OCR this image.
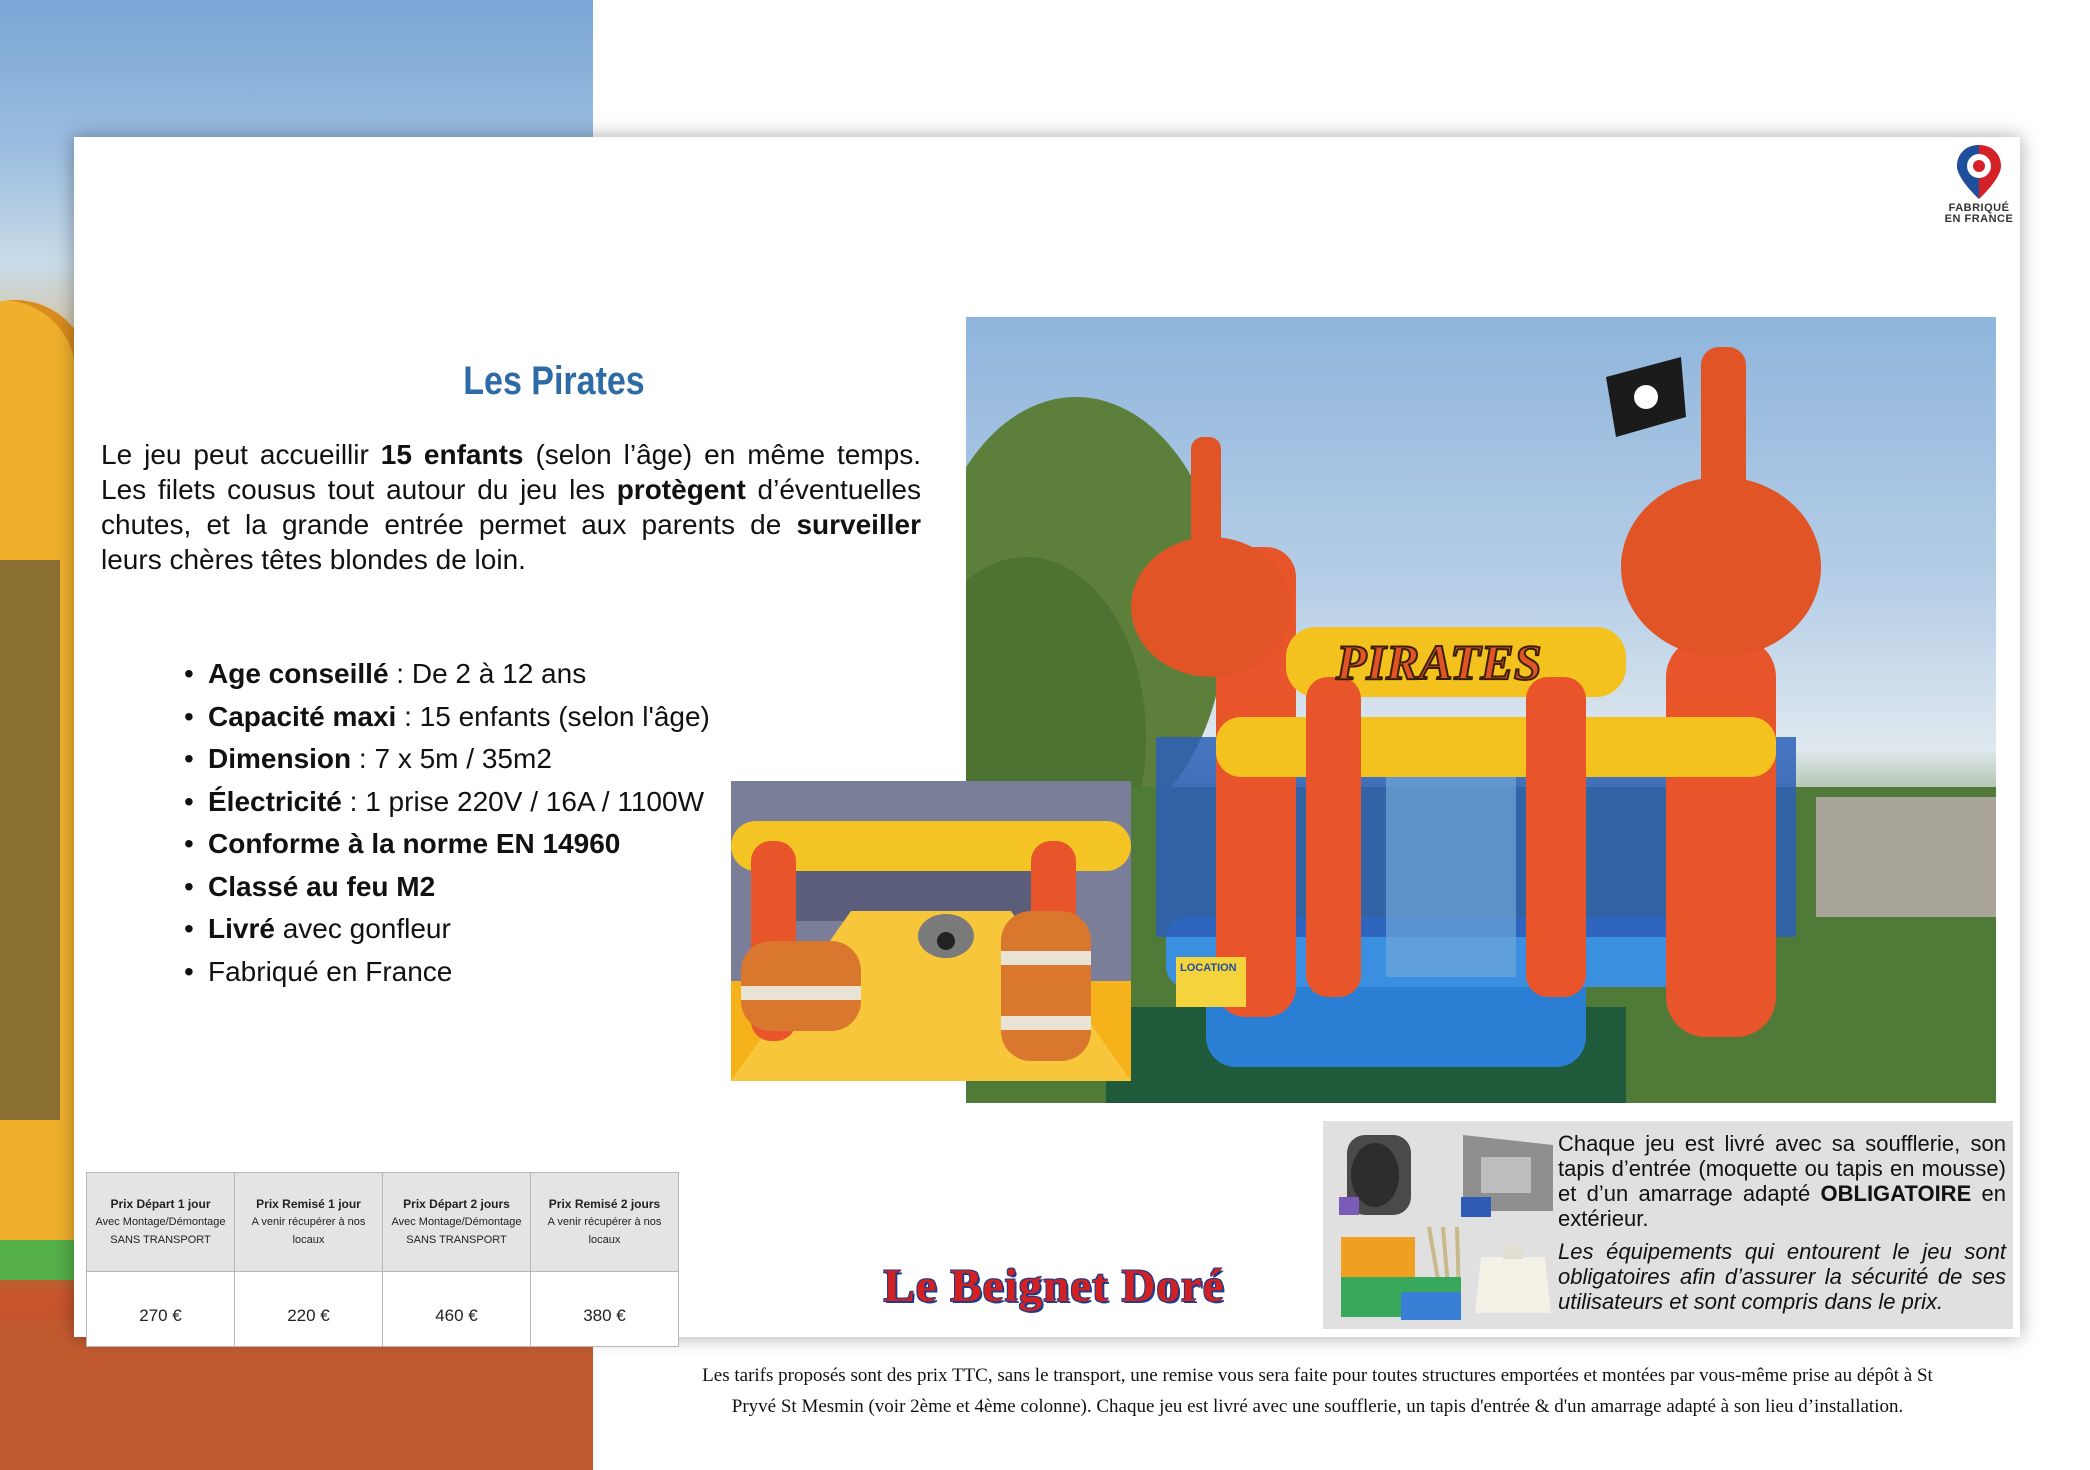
FABRIQUÉ
EN FRANCE
Les Pirates
Le jeu peut accueillir 15 enfants (selon l’âge) en même temps. Les filets cousus tout autour du jeu les protègent d’éventuelles chutes, et la grande entrée permet aux parents de surveiller leurs chères têtes blondes de loin.
• Age conseillé : De 2 à 12 ans
• Capacité maxi : 15 enfants (selon l'âge)
• Dimension : 7 x 5m / 35m2
• Électricité : 1 prise 220V / 16A / 1100W
• Conforme à la norme EN 14960
• Classé au feu M2
• Livré avec gonfleur
• Fabriqué en France
PIRATES
LOCATION
Prix Départ 1 jour
Avec Montage/Démontage
SANS TRANSPORT	Prix Remisé 1 jour
A venir récupérer à nos locaux	Prix Départ 2 jours
Avec Montage/Démontage
SANS TRANSPORT	Prix Remisé 2 jours
A venir récupérer à nos locaux

270 €	220 €	460 €	380 €
Le Beignet Doré
Chaque jeu est livré avec sa soufflerie, son tapis d’entrée (moquette ou tapis en mousse) et d’un amarrage adapté OBLIGATOIRE en extérieur.
Les équipements qui entourent le jeu sont obligatoires afin d’assurer la sécurité de ses utilisateurs et sont compris dans le prix.
Les tarifs proposés sont des prix TTC, sans le transport, une remise vous sera faite pour toutes structures emportées et montées par vous-même prise au dépôt à St
Pryvé St Mesmin (voir 2ème et 4ème colonne). Chaque jeu est livré avec une soufflerie, un tapis d'entrée & d'un amarrage adapté à son lieu d’installation.
